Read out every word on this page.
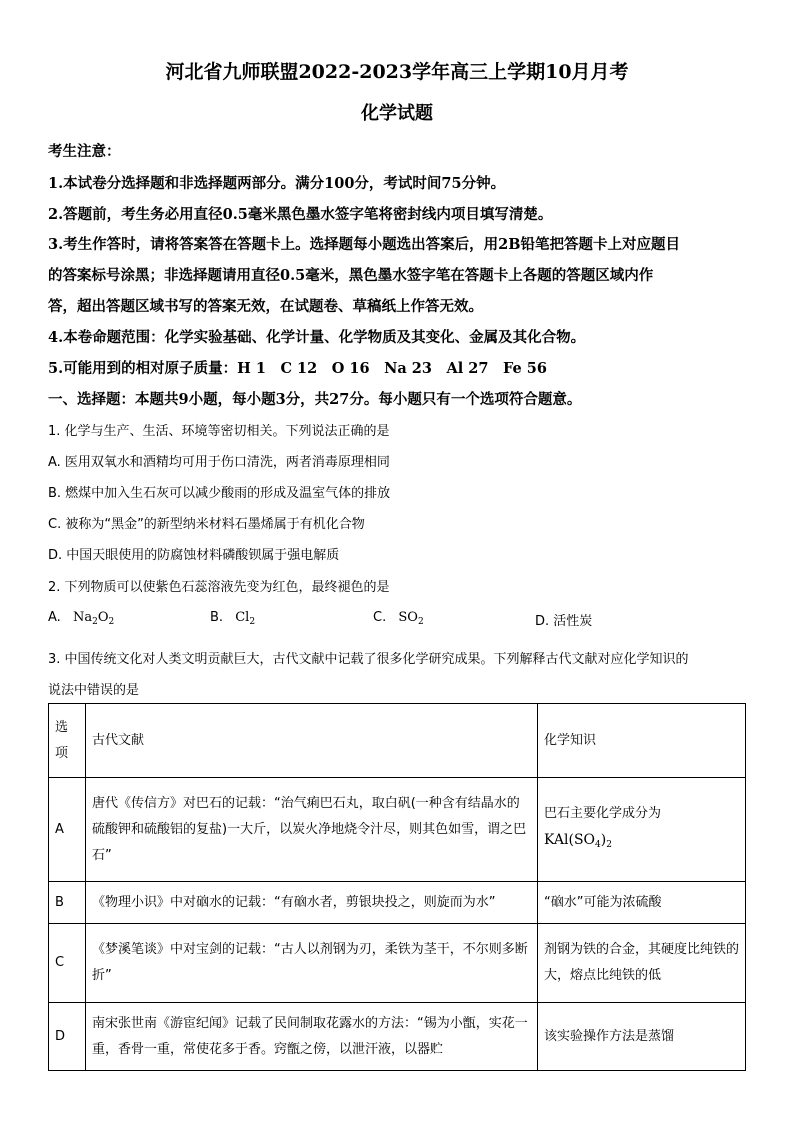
河北省九师联盟2022-2023学年高三上学期10月月考
化学试题
考生注意：
1.本试卷分选择题和非选择题两部分。满分100分，考试时间75分钟。
2.答题前，考生务必用直径0.5毫米黑色墨水签字笔将密封线内项目填写清楚。
3.考生作答时，请将答案答在答题卡上。选择题每小题选出答案后，用2B铅笔把答题卡上对应题目
的答案标号涂黑；非选择题请用直径0.5毫米，黑色墨水签字笔在答题卡上各题的答题区域内作
答，超出答题区域书写的答案无效，在试题卷、草稿纸上作答无效。
4.本卷命题范围：化学实验基础、化学计量、化学物质及其变化、金属及其化合物。
5.可能用到的相对原子质量：H 1　C 12　O 16　Na 23　Al 27　Fe 56
一、选择题：本题共9小题，每小题3分，共27分。每小题只有一个选项符合题意。
1. 化学与生产、生活、环境等密切相关。下列说法正确的是
A. 医用双氧水和酒精均可用于伤口清洗，两者消毒原理相同
B. 燃煤中加入生石灰可以减少酸雨的形成及温室气体的排放
C. 被称为“黑金”的新型纳米材料石墨烯属于有机化合物
D. 中国天眼使用的防腐蚀材料磷酸钡属于强电解质
2. 下列物质可以使紫色石蕊溶液先变为红色，最终褪色的是
A. $Na_2O_2$	B. $Cl_2$	C. $SO_2$	D. 活性炭
3. 中国传统文化对人类文明贡献巨大，古代文献中记载了很多化学研究成果。下列解释古代文献对应化学知识的
说法中错误的是
选
项	古代文献	化学知识
A	唐代《传信方》对巴石的记载：“治气痢巴石丸，取白矾(一种含有结晶水的硫酸钾和硫酸铝的复盐)一大斤，以炭火净地烧令汁尽，则其色如雪，谓之巴石”	巴石主要化学成分为
$KAl(SO_4)_2$
B	《物理小识》中对硇水的记载：“有硇水者，剪银块投之，则旋而为水”	“硇水”可能为浓硫酸
C	《梦溪笔谈》中对宝剑的记载：“古人以剂钢为刃，柔铁为茎干，不尔则多断折”	剂钢为铁的合金，其硬度比纯铁的大，熔点比纯铁的低
D	南宋张世南《游宦纪闻》记载了民间制取花露水的方法：“锡为小甑，实花一重，香骨一重，常使花多于香。窍甑之傍，以泄汗液，以器贮	该实验操作方法是蒸馏
